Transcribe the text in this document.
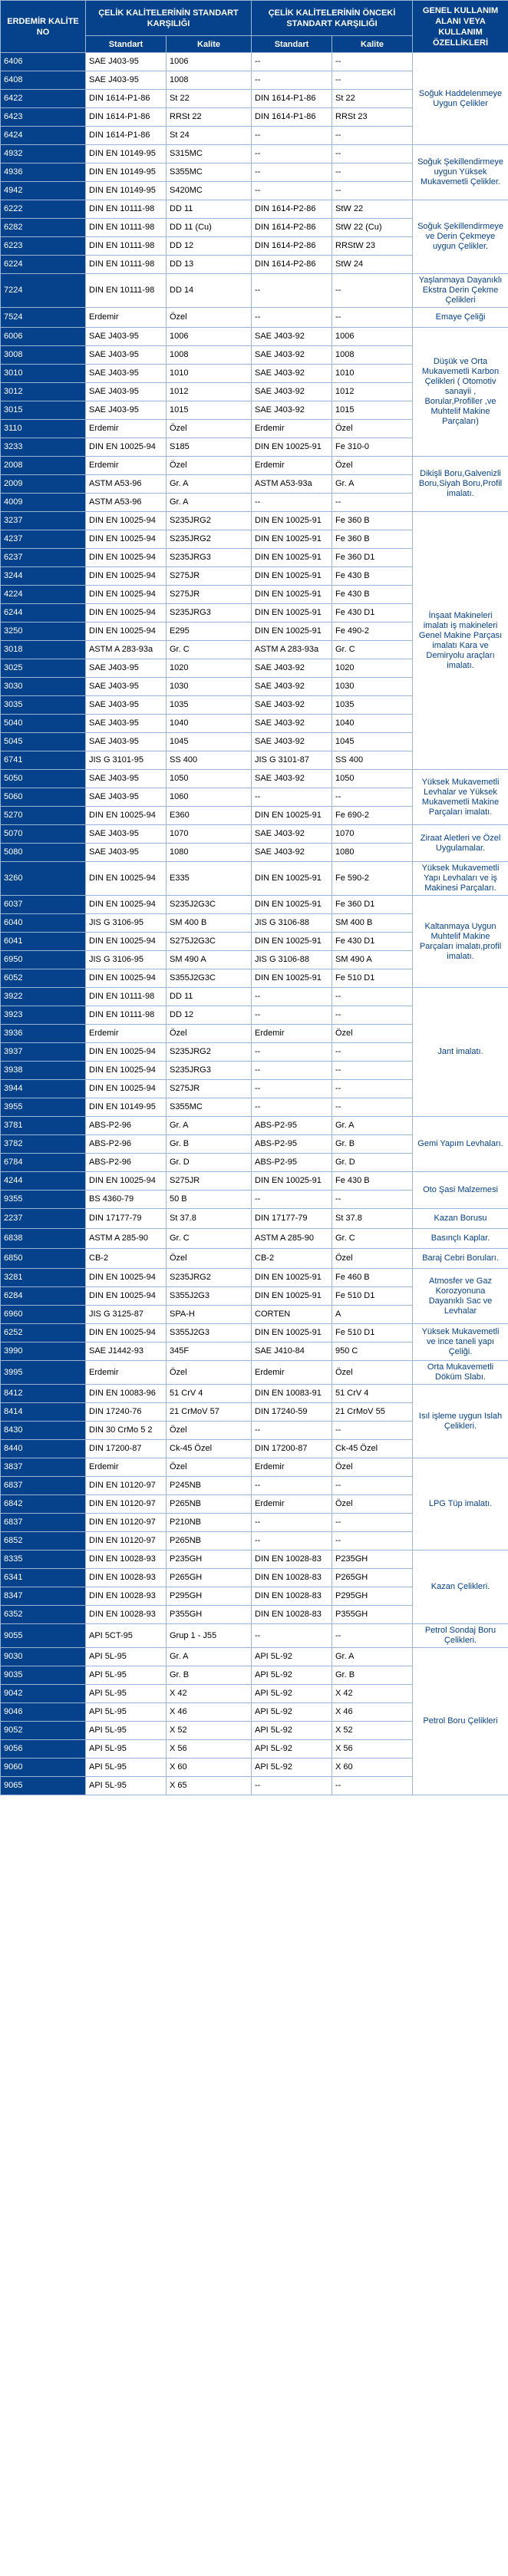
ERDEMİR KALİTE NO	ÇELİK KALİTELERİNİN STANDART KARŞILIĞI		ÇELİK KALİTELERİNİN ÖNCEKİ STANDART KARŞILIĞI		GENEL KULLANIM ALANI VEYA KULLANIM ÖZELLİKLERİ
	Standart	Kalite	Standart	Kalite	
6406	SAE J403-95	1006	--	--	Soğuk Haddelenmeye Uygun Çelikler
6408	SAE J403-95	1008	--	--	
6422	DIN 1614-P1-86	St 22	DIN 1614-P1-86	St 22	
6423	DIN 1614-P1-86	RRSt 22	DIN 1614-P1-86	RRSt 23	
6424	DIN 1614-P1-86	St 24	--	--	
4932	DIN EN 10149-95	S315MC	--	--	Soğuk Şekillendirmeye uygun Yüksek Mukavemetli Çelikler.
4936	DIN EN 10149-95	S355MC	--	--	
4942	DIN EN 10149-95	S420MC	--	--	
6222	DIN EN 10111-98	DD 11	DIN 1614-P2-86	StW 22	Soğuk Şekillendirmeye ve Derin Çekmeye uygun Çelikler.
6282	DIN EN 10111-98	DD 11 (Cu)	DIN 1614-P2-86	StW 22 (Cu)	
6223	DIN EN 10111-98	DD 12	DIN 1614-P2-86	RRStW 23	
6224	DIN EN 10111-98	DD 13	DIN 1614-P2-86	StW 24	
7224	DIN EN 10111-98	DD 14	--	--	Yaşlanmaya Dayanıklı Ekstra Derin Çekme Çelikleri
7524	Erdemir	Özel	--	--	Emaye Çeliği
6006	SAE J403-95	1006	SAE J403-92	1006	Düşük ve Orta Mukavemetli Karbon Çelikleri ( Otomotiv sanayii , Borular,Profiller ,ve Muhtelif Makine Parçaları)
3008	SAE J403-95	1008	SAE J403-92	1008	
3010	SAE J403-95	1010	SAE J403-92	1010	
3012	SAE J403-95	1012	SAE J403-92	1012	
3015	SAE J403-95	1015	SAE J403-92	1015	
3110	Erdemir	Özel	Erdemir	Özel	
3233	DIN EN 10025-94	S185	DIN EN 10025-91	Fe 310-0	
2008	Erdemir	Özel	Erdemir	Özel	Dikişli Boru,Galvenizli Boru,Siyah Boru,Profil imalatı.
2009	ASTM A53-96	Gr. A	ASTM A53-93a	Gr. A	
4009	ASTM A53-96	Gr. A	--	--	
3237	DIN EN 10025-94	S235JRG2	DIN EN 10025-91	Fe 360 B	İnşaat Makineleri imalatı iş makineleri Genel Makine Parçası imalatı Kara ve Demiryolu araçları imalatı.
4237	DIN EN 10025-94	S235JRG2	DIN EN 10025-91	Fe 360 B	
6237	DIN EN 10025-94	S235JRG3	DIN EN 10025-91	Fe 360 D1	
3244	DIN EN 10025-94	S275JR	DIN EN 10025-91	Fe 430 B	
4224	DIN EN 10025-94	S275JR	DIN EN 10025-91	Fe 430 B	
6244	DIN EN 10025-94	S235JRG3	DIN EN 10025-91	Fe 430 D1	
3250	DIN EN 10025-94	E295	DIN EN 10025-91	Fe 490-2	
3018	ASTM A 283-93a	Gr. C	ASTM A 283-93a	Gr. C	
3025	SAE J403-95	1020	SAE J403-92	1020	
3030	SAE J403-95	1030	SAE J403-92	1030	
3035	SAE J403-95	1035	SAE J403-92	1035	
5040	SAE J403-95	1040	SAE J403-92	1040	
5045	SAE J403-95	1045	SAE J403-92	1045	
6741	JIS G 3101-95	SS 400	JIS G 3101-87	SS 400	
5050	SAE J403-95	1050	SAE J403-92	1050	Yüksek Mukavemetli Levhalar ve Yüksek Mukavemetli Makine Parçaları imalatı.
5060	SAE J403-95	1060	--	--	
5270	DIN EN 10025-94	E360	DIN EN 10025-91	Fe 690-2	
5070	SAE J403-95	1070	SAE J403-92	1070	Ziraat Aletleri ve Özel Uygulamalar.
5080	SAE J403-95	1080	SAE J403-92	1080	
3260	DIN EN 10025-94	E335	DIN EN 10025-91	Fe 590-2	Yüksek Mukavemetli Yapı Levhaları ve iş Makinesi Parçaları.
6037	DIN EN 10025-94	S235J2G3C	DIN EN 10025-91	Fe 360 D1	Kaltanmaya Uygun Muhtelif Makine Parçaları imalatı,profil imalatı.
6040	JIS G 3106-95	SM 400 B	JIS G 3106-88	SM 400 B	
6041	DIN EN 10025-94	S275J2G3C	DIN EN 10025-91	Fe 430 D1	
6950	JIS G 3106-95	SM 490 A	JIS G 3106-88	SM 490 A	
6052	DIN EN 10025-94	S355J2G3C	DIN EN 10025-91	Fe 510 D1	
3922	DIN EN 10111-98	DD 11	--	--	Jant imalatı.
3923	DIN EN 10111-98	DD 12	--	--	
3936	Erdemir	Özel	Erdemir	Özel	
3937	DIN EN 10025-94	S235JRG2	--	--	
3938	DIN EN 10025-94	S235JRG3	--	--	
3944	DIN EN 10025-94	S275JR	--	--	
3955	DIN EN 10149-95	S355MC	--	--	
3781	ABS-P2-96	Gr. A	ABS-P2-95	Gr. A	Gemi Yapım Levhaları.
3782	ABS-P2-96	Gr. B	ABS-P2-95	Gr. B	
6784	ABS-P2-96	Gr. D	ABS-P2-95	Gr. D	
4244	DIN EN 10025-94	S275JR	DIN EN 10025-91	Fe 430 B	Oto Şasi Malzemesi
9355	BS 4360-79	50 B	--	--	
2237	DIN 17177-79	St 37.8	DIN 17177-79	St 37.8	Kazan Borusu
6838	ASTM A 285-90	Gr. C	ASTM A 285-90	Gr. C	Basınçlı Kaplar.
6850	CB-2	Özel	CB-2	Özel	Baraj Cebri Boruları.
3281	DIN EN 10025-94	S235JRG2	DIN EN 10025-91	Fe 460 B	Atmosfer ve Gaz Korozyonuna Dayanıklı Sac ve Levhalar
6284	DIN EN 10025-94	S355J2G3	DIN EN 10025-91	Fe 510 D1	
6960	JIS G 3125-87	SPA-H	CORTEN	A	
6252	DIN EN 10025-94	S355J2G3	DIN EN 10025-91	Fe 510 D1	Yüksek Mukavemetli ve ince taneli yapı Çeliği.
3990	SAE J1442-93	345F	SAE J410-84	950 C	
3995	Erdemir	Özel	Erdemir	Özel	Orta Mukavemetli Döküm Slabı.
8412	DIN EN 10083-96	51 CrV 4	DIN EN 10083-91	51 CrV 4	Isıl işleme uygun Islah Çelikleri.
8414	DIN 17240-76	21 CrMoV 57	DIN 17240-59	21 CrMoV 55	
8430	DIN 30 CrMo 5 2	Özel	--	--	
8440	DIN 17200-87	Ck-45 Özel	DIN 17200-87	Ck-45 Özel	
3837	Erdemir	Özel	Erdemir	Özel	LPG Tüp imalatı.
6837	DIN EN 10120-97	P245NB	--	--	
6842	DIN EN 10120-97	P265NB	Erdemir	Özel	
6837	DIN EN 10120-97	P210NB	--	--	
6852	DIN EN 10120-97	P265NB	--	--	
8335	DIN EN 10028-93	P235GH	DIN EN 10028-83	P235GH	Kazan Çelikleri.
6341	DIN EN 10028-93	P265GH	DIN EN 10028-83	P265GH	
8347	DIN EN 10028-93	P295GH	DIN EN 10028-83	P295GH	
6352	DIN EN 10028-93	P355GH	DIN EN 10028-83	P355GH	
9055	API 5CT-95	Grup 1 - J55	--	--	Petrol Sondaj Boru Çelikleri.
9030	API 5L-95	Gr. A	API 5L-92	Gr. A	Petrol Boru Çelikleri
9035	API 5L-95	Gr. B	API 5L-92	Gr. B	
9042	API 5L-95	X 42	API 5L-92	X 42	
9046	API 5L-95	X 46	API 5L-92	X 46	
9052	API 5L-95	X 52	API 5L-92	X 52	
9056	API 5L-95	X 56	API 5L-92	X 56	
9060	API 5L-95	X 60	API 5L-92	X 60	
9065	API 5L-95	X 65	--	--	
